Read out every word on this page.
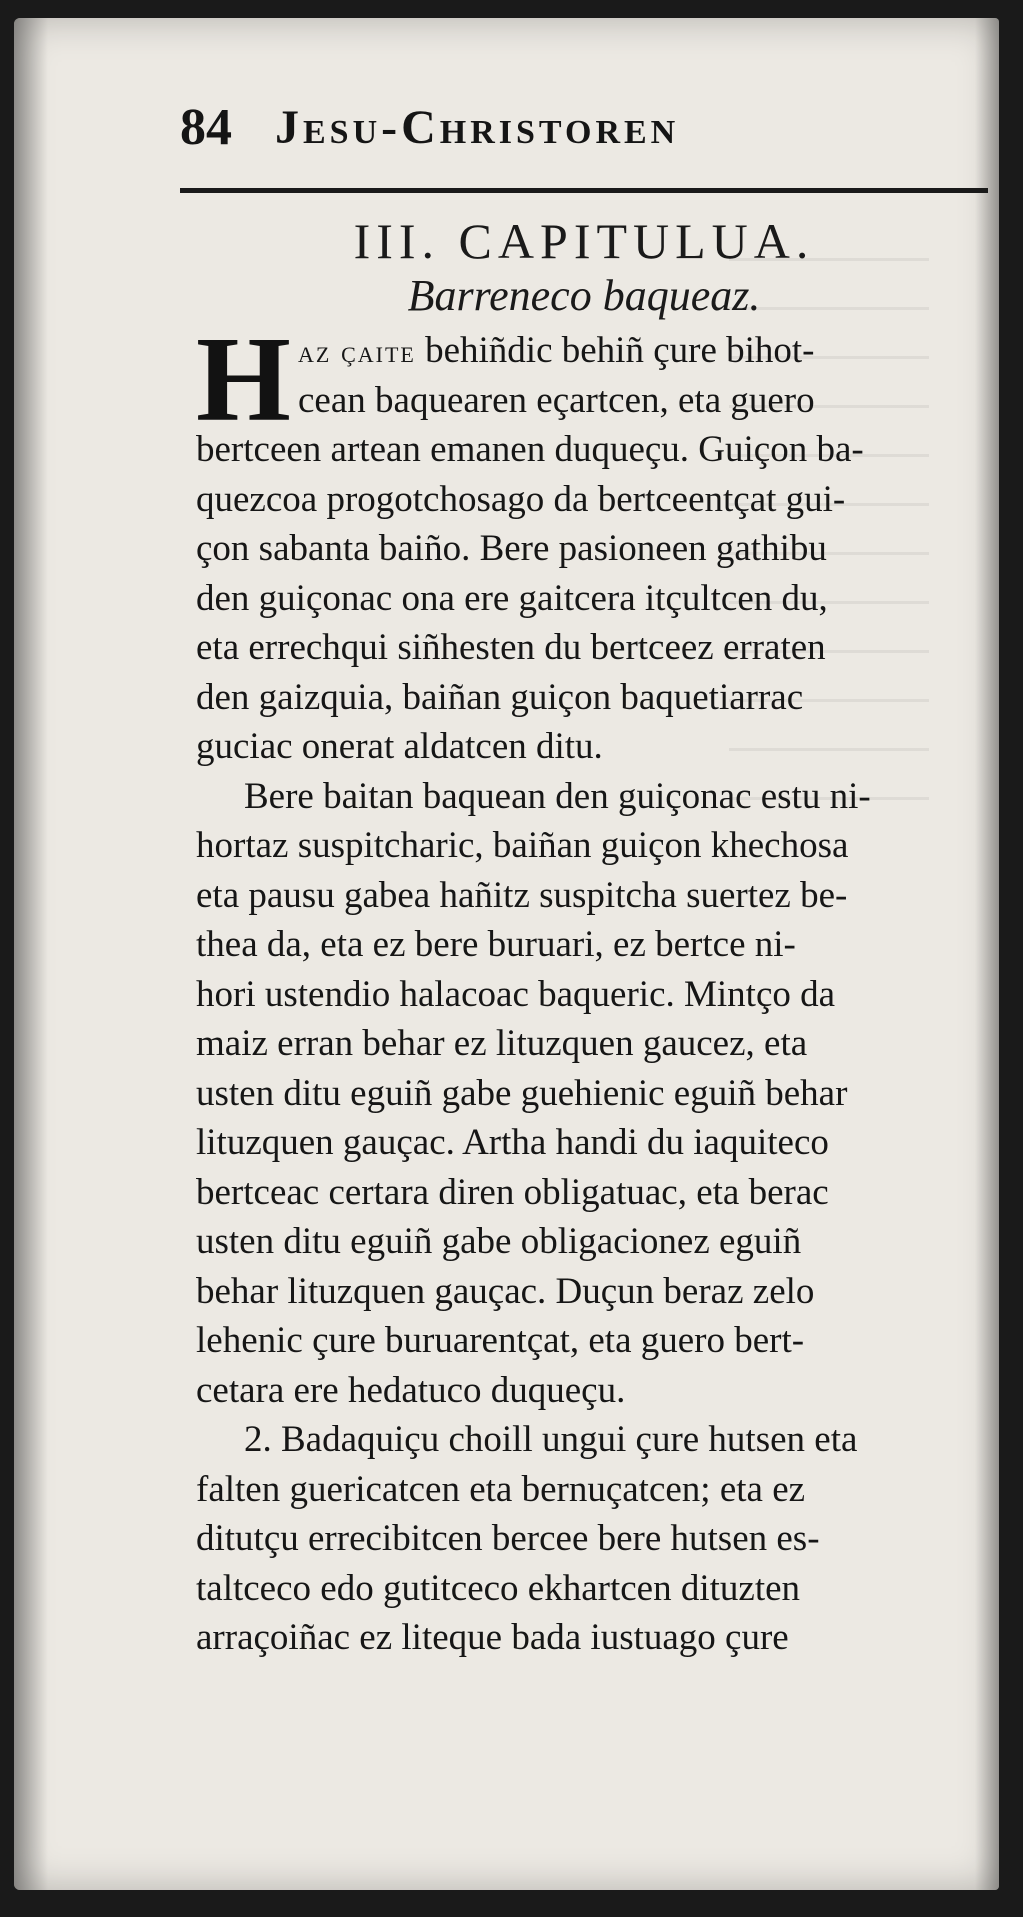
84 Jesu-Christoren
III. CAPITULUA.
Barreneco baqueaz.
H az çaite behiñdic behiñ çure bihot-
cean baquearen eçartcen, eta guero
bertceen artean emanen duqueçu. Guiçon ba-
quezcoa progotchosago da bertceentçat gui-
çon sabanta baiño. Bere pasioneen gathibu
den guiçonac ona ere gaitcera itçultcen du,
eta errechqui siñhesten du bertceez erraten
den gaizquia, baiñan guiçon baquetiarrac
guciac onerat aldatcen ditu.
Bere baitan baquean den guiçonac estu ni-
hortaz suspitcharic, baiñan guiçon khechosa
eta pausu gabea hañitz suspitcha suertez be-
thea da, eta ez bere buruari, ez bertce ni-
hori ustendio halacoac baqueric. Mintço da
maiz erran behar ez lituzquen gaucez, eta
usten ditu eguiñ gabe guehienic eguiñ behar
lituzquen gauçac. Artha handi du iaquiteco
bertceac certara diren obligatuac, eta berac
usten ditu eguiñ gabe obligacionez eguiñ
behar lituzquen gauçac. Duçun beraz zelo
lehenic çure buruarentçat, eta guero bert-
cetara ere hedatuco duqueçu.
2. Badaquiçu choill ungui çure hutsen eta
falten guericatcen eta bernuçatcen; eta ez
ditutçu errecibitcen bercee bere hutsen es-
taltceco edo gutitceco ekhartcen dituzten
arraçoiñac ez liteque bada iustuago çure
